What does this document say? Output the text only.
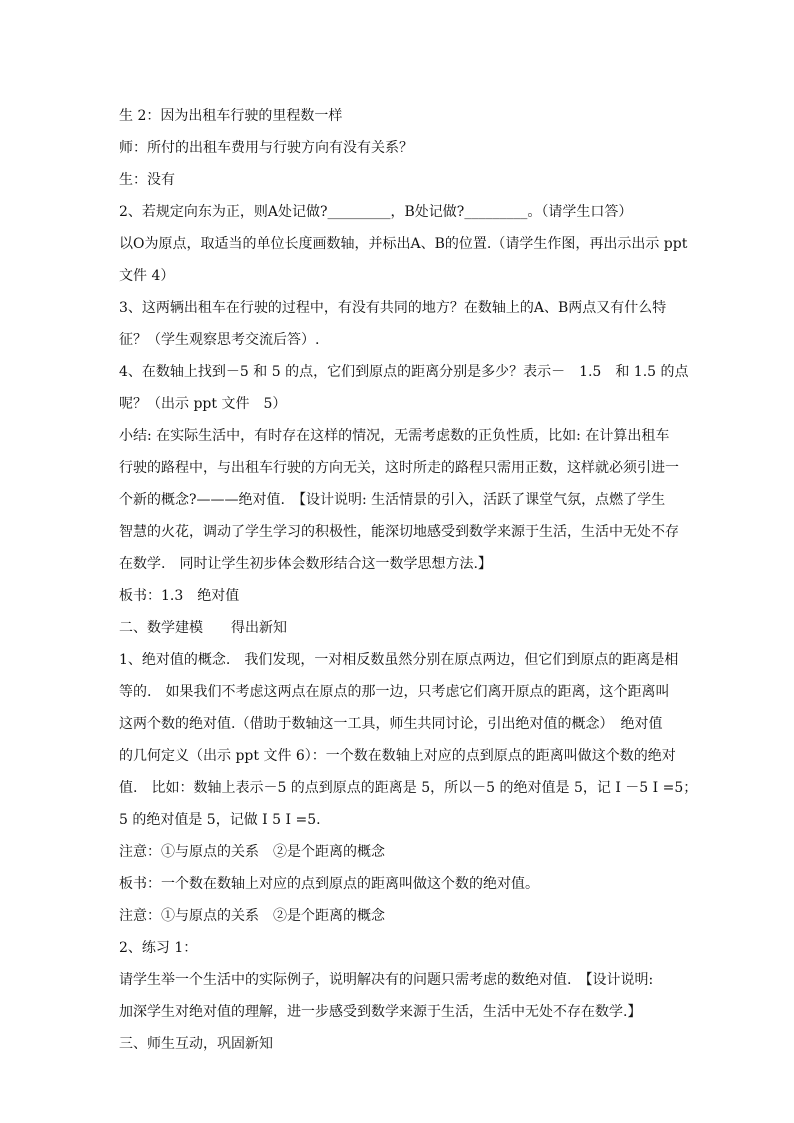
生 2：因为出租车行驶的里程数一样
师：所付的出租车费用与行驶方向有没有关系？
生：没有
2、若规定向东为正，则A处记做?_________，B处记做?_________。（请学生口答）
以O为原点，取适当的单位长度画数轴，并标出A、B的位置.（请学生作图，再出示出示 ppt
文件 4）
3、这两辆出租车在行驶的过程中，有没有共同的地方？在数轴上的A、B两点又有什么特
征？（学生观察思考交流后答）.
4、在数轴上找到－5 和 5 的点，它们到原点的距离分别是多少？表示－　1.5　和 1.5 的点
呢？（出示 ppt 文件　5）
小结: 在实际生活中，有时存在这样的情况，无需考虑数的正负性质，比如: 在计算出租车
行驶的路程中，与出租车行驶的方向无关，这时所走的路程只需用正数，这样就必须引进一
个新的概念?———绝对值.　【设计说明: 生活情景的引入，活跃了课堂气氛，点燃了学生
智慧的火花，调动了学生学习的积极性，能深切地感受到数学来源于生活，生活中无处不存
在数学.　同时让学生初步体会数形结合这一数学思想方法.】
板书：1.3　绝对值
二、数学建模　　得出新知
1、绝对值的概念.　我们发现，一对相反数虽然分别在原点两边，但它们到原点的距离是相
等的.　如果我们不考虑这两点在原点的那一边，只考虑它们离开原点的距离，这个距离叫
这两个数的绝对值.（借助于数轴这一工具，师生共同讨论，引出绝对值的概念）　绝对值
的几何定义（出示 ppt 文件 6）：一个数在数轴上对应的点到原点的距离叫做这个数的绝对
值.　比如：数轴上表示－5 的点到原点的距离是 5，所以－5 的绝对值是 5，记 I －5 I =5；
5 的绝对值是 5，记做 I 5 I =5.
注意：①与原点的关系　②是个距离的概念
板书：一个数在数轴上对应的点到原点的距离叫做这个数的绝对值。
注意：①与原点的关系　②是个距离的概念
2、练习 1：
请学生举一个生活中的实际例子，说明解决有的问题只需考虑的数绝对值.　【设计说明:
加深学生对绝对值的理解，进一步感受到数学来源于生活，生活中无处不存在数学.】
三、师生互动，巩固新知
